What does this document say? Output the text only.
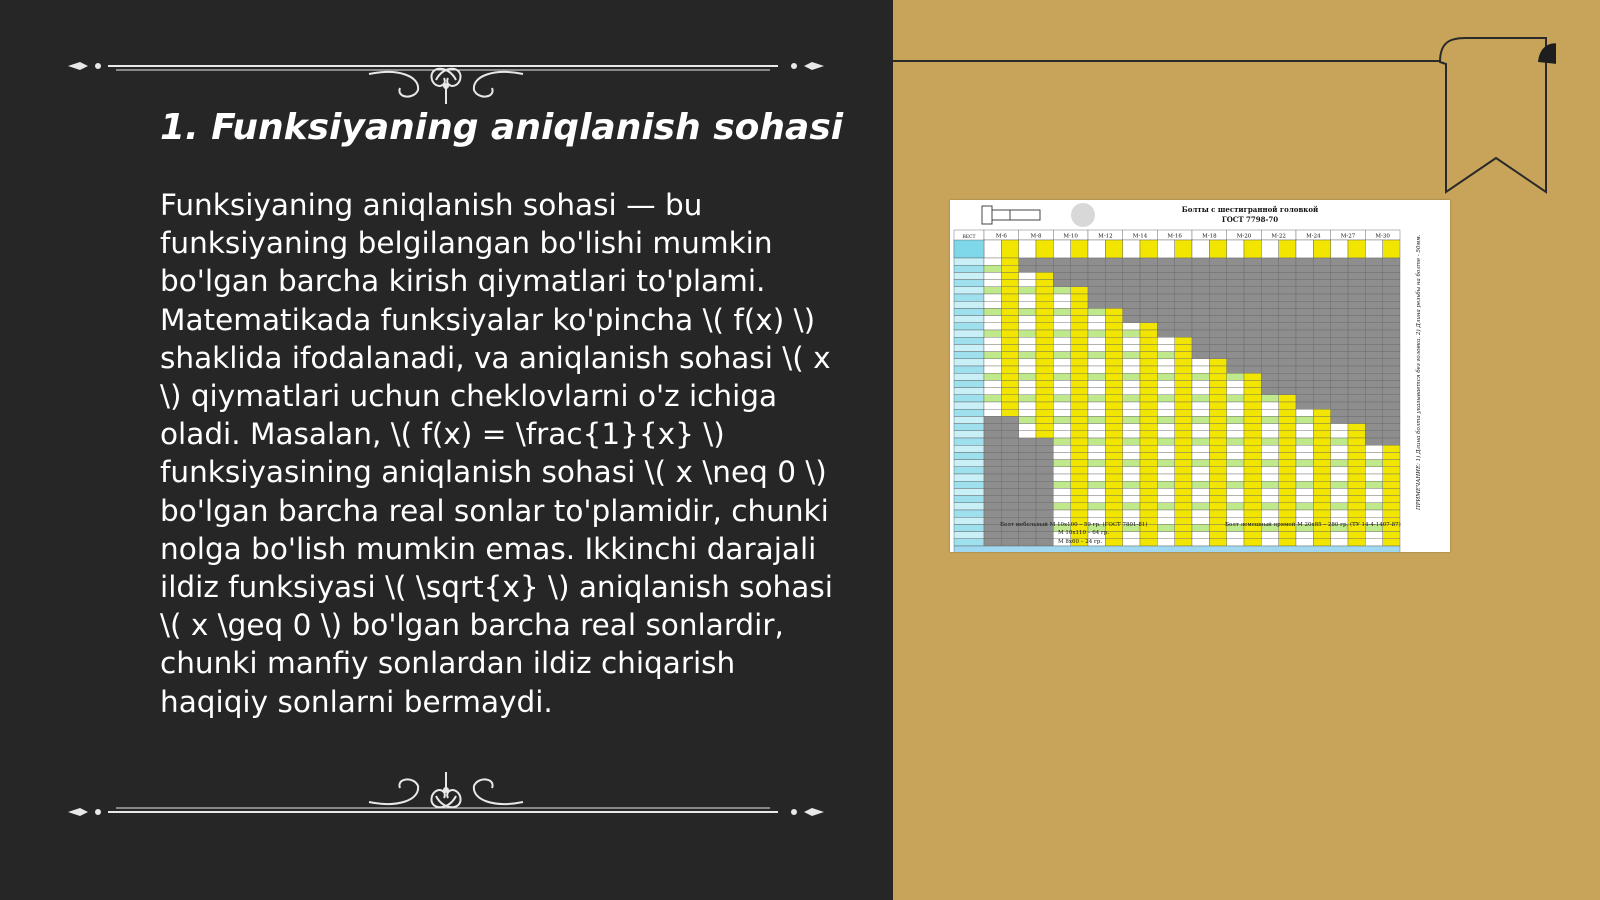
1. Funksiyaning aniqlanish sohasi

Funksiyaning aniqlanish sohasi — bu funksiyaning belgilangan bo'lishi mumkin bo'lgan barcha kirish qiymatlari to'plami. Matematikada funksiyalar ko'pincha \( f(x) \) shaklida ifodalanadi, va aniqlanish sohasi \( x \) qiymatlari uchun cheklovlarni o'z ichiga oladi. Masalan, \( f(x) = \frac{1}{x} \) funksiyasining aniqlanish sohasi \( x \neq 0 \) bo'lgan barcha real sonlar to'plamidir, chunki nolga bo'lish mumkin emas. Ikkinchi darajali ildiz funksiyasi \( \sqrt{x} \) aniqlanish sohasi \( x \geq 0 \) bo'lgan barcha real sonlardir, chunki manfiy sonlardan ildiz chiqarish haqiqiy sonlarni bermaydi.

Болты с шестигранной головкой
ГОСТ 7798-70
ВЕСТ	М-6	М-8	М-10	М-12	М-14	М-16	М-18	М-20	М-22	М-24	М-27	М-30
Болт мебельный М 10х100 – 59 гр. (ГОСТ 7801-81)
М 10х110 – 64 гр.
М 8х60 – 24 гр.
Болт лемешный прямой М 20х85 – 280 гр. (ТУ 14-4-1407-87)
ПРИМЕЧАНИЕ: 1) Длина болта указывается без головки. 2) Длина резьбы на болте - 50мм.
